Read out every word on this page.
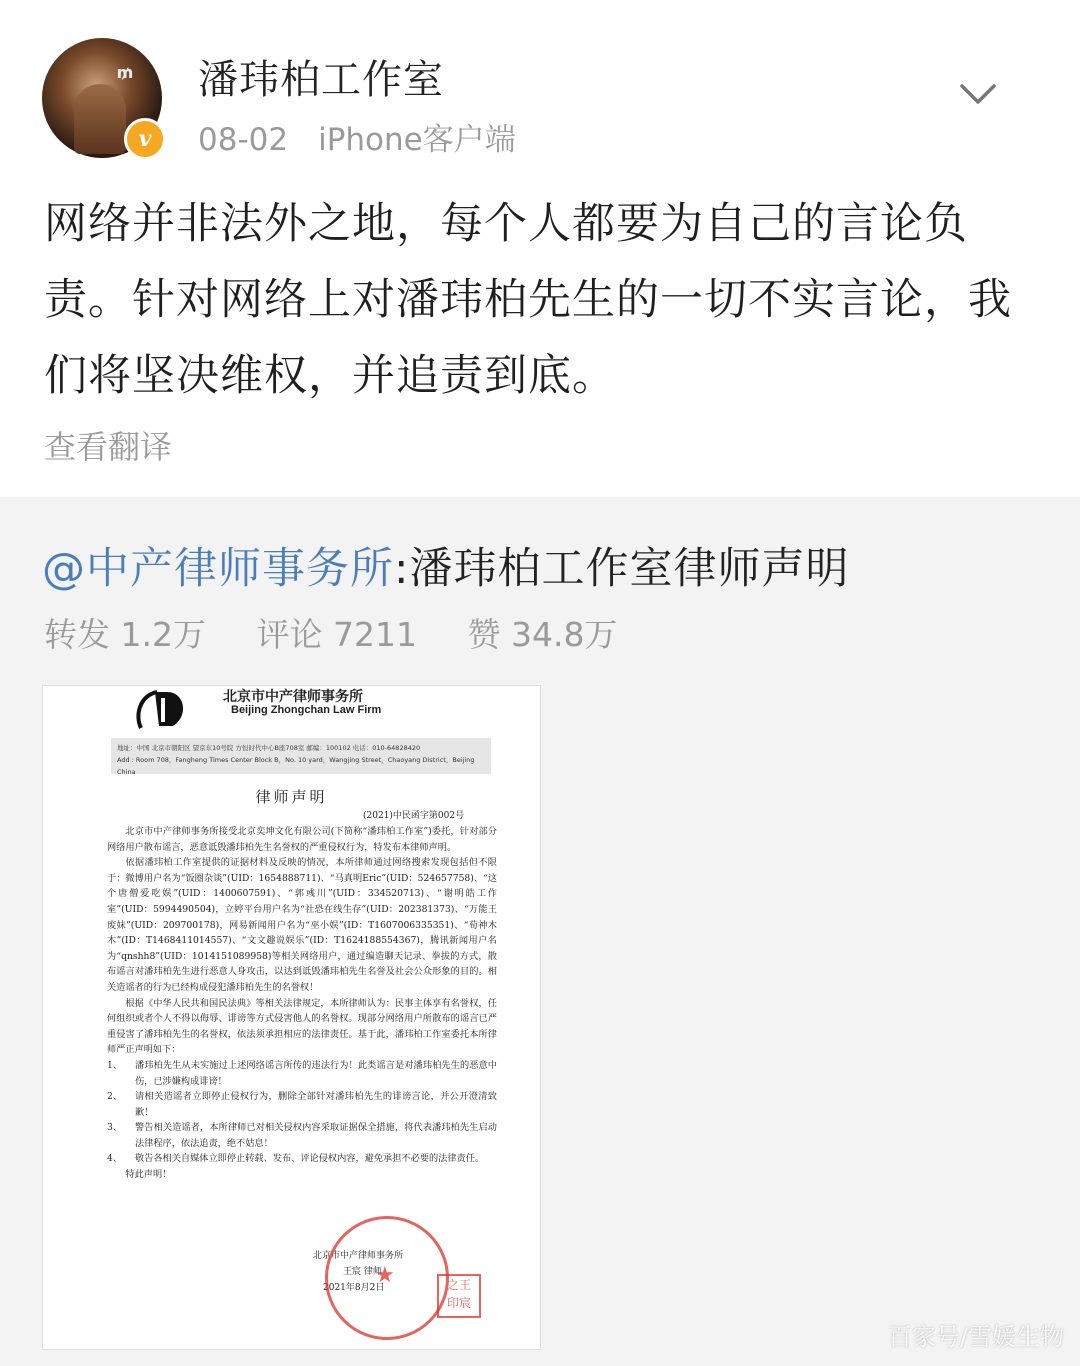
₥
v
潘玮柏工作室
08-02 iPhone客户端
网络并非法外之地，每个人都要为自己的言论负责。针对网络上对潘玮柏先生的一切不实言论，我们将坚决维权，并追责到底。
查看翻译
@中产律师事务所:潘玮柏工作室律师声明
转发 1.2万 评论 7211 赞 34.8万
北京市中产律师事务所
Beijing Zhongchan Law Firm
地址：中国 北京市朝阳区 望京东10号院 方恒时代中心B座708室 邮编：100102 电话：010-64828420
Add : Room 708，Fangheng Times Center Block B，No. 10 yard，Wangjing Street，Chaoyang District，Beijing China
律师声明
(2021)中民函字第002号

北京市中产律师事务所接受北京奕坤文化有限公司(下简称“潘玮柏工作室”)委托，针对部分网络用户散布谣言，恶意诋毁潘玮柏先生名誉权的严重侵权行为，特发布本律师声明。

依据潘玮柏工作室提供的证据材料及反映的情况，本所律师通过网络搜索发现包括但不限于：微博用户名为“饭圈杂谈”(UID：1654888711)、“马真明Eric”(UID：524657758)、“这个唐僧爱吃娱”(UID：1400607591)、“郭彧川”(UID：334520713)、“谢明皓工作室”(UID：5994490504)，立婷平台用户名为“社恐在线生存”(UID：202381373)、“万能王废妹”(UID：209700178)，网易新闻用户名为“巫小娱”(ID：T1607006335351)、“荀神木木”(ID：T1468411014557)、“文文趣说娱乐”(ID：T1624188554367)，腾讯新闻用户名为“qnshh8”(UID：1014151089958)等相关网络用户，通过编造聊天记录、拳拔的方式，散布谣言对潘玮柏先生进行恶意人身攻击，以达到诋毁潘玮柏先生名誉及社会公众形象的目的。相关造谣者的行为已经构成侵犯潘玮柏先生的名誉权！

根据《中华人民共和国民法典》等相关法律规定，本所律师认为：民事主体享有名誉权，任何组织或者个人不得以侮辱、诽谤等方式侵害他人的名誉权。现部分网络用户所散布的谣言已严重侵害了潘玮柏先生的名誉权，依法须承担相应的法律责任。基于此，潘玮柏工作室委托本所律师严正声明如下：

1、 潘玮柏先生从未实施过上述网络谣言所传的违法行为！此类谣言是对潘玮柏先生的恶意中伤，已涉嫌构成诽谤！

2、 请相关造谣者立即停止侵权行为，删除全部针对潘玮柏先生的诽谤言论，并公开澄清致歉！

3、 警告相关造谣者，本所律师已对相关侵权内容采取证据保全措施，将代表潘玮柏先生启动法律程序，依法追责，绝不姑息！

4、 敬告各相关自媒体立即停止转载、发布、评论侵权内容，避免承担不必要的法律责任。

特此声明！

北京市中产律师事务所
王宸 律师
2021年8月2日
★	之王
印宸
百家号/雪媛生物
